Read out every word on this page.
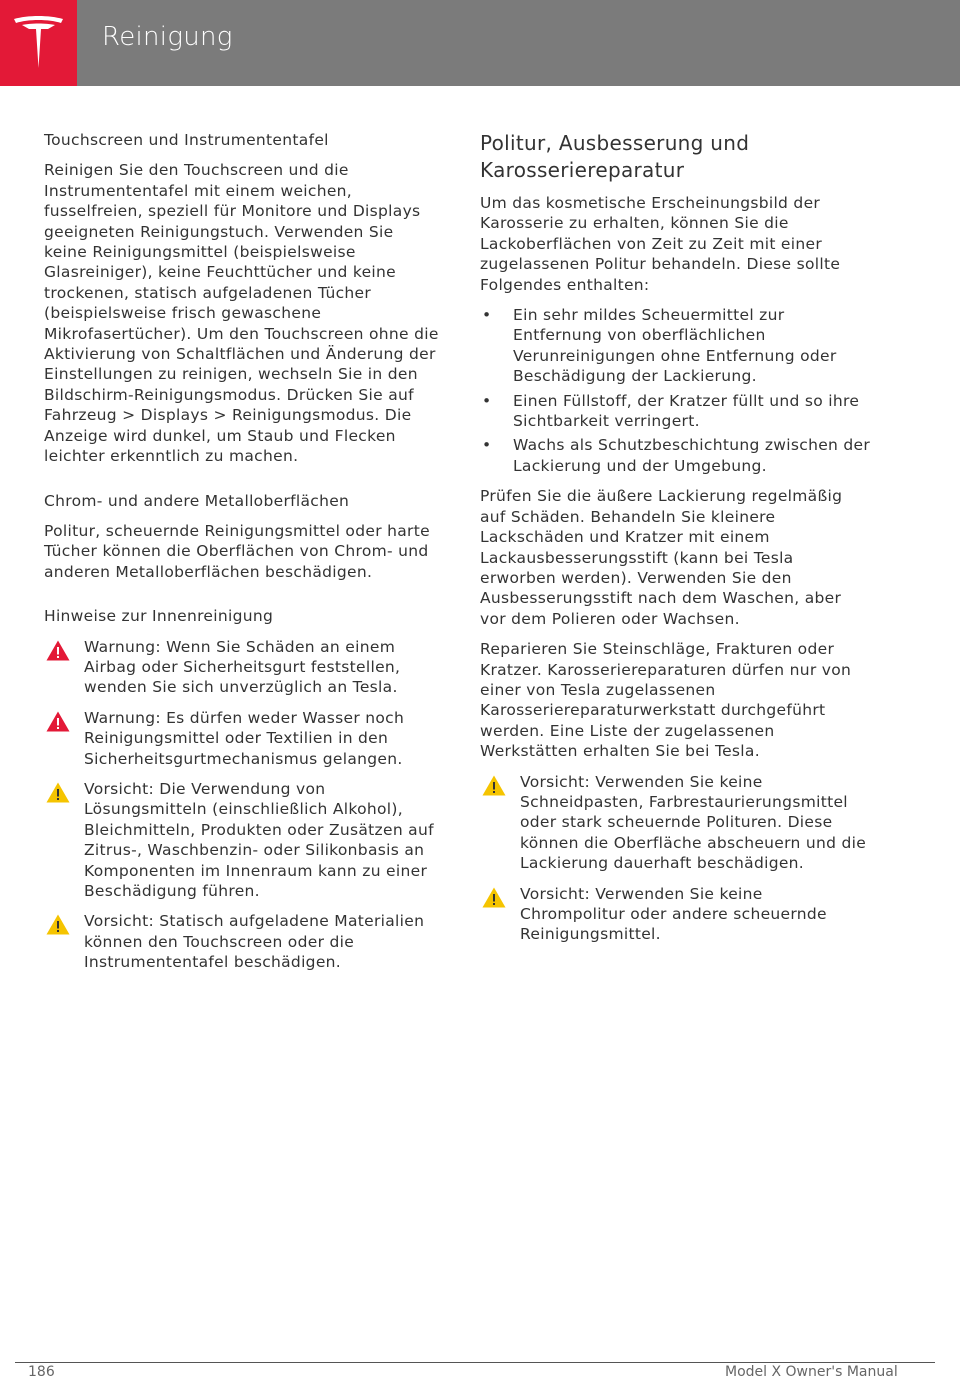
Reinigung

Touchscreen und Instrumententafel

Reinigen Sie den Touchscreen und die Instrumententafel mit einem weichen, fusselfreien, speziell für Monitore und Displays geeigneten Reinigungstuch. Verwenden Sie keine Reinigungsmittel (beispielsweise Glasreiniger), keine Feuchttücher und keine trockenen, statisch aufgeladenen Tücher (beispielsweise frisch gewaschene Mikrofasertücher). Um den Touchscreen ohne die Aktivierung von Schaltflächen und Änderung der Einstellungen zu reinigen, wechseln Sie in den Bildschirm-Reinigungsmodus. Drücken Sie auf Fahrzeug > Displays > Reinigungsmodus. Die Anzeige wird dunkel, um Staub und Flecken leichter erkenntlich zu machen.

Chrom- und andere Metalloberflächen

Politur, scheuernde Reinigungsmittel oder harte Tücher können die Oberflächen von Chrom- und anderen Metalloberflächen beschädigen.

Hinweise zur Innenreinigung

Warnung: Wenn Sie Schäden an einem Airbag oder Sicherheitsgurt feststellen, wenden Sie sich unverzüglich an Tesla.
Warnung: Es dürfen weder Wasser noch Reinigungsmittel oder Textilien in den Sicherheitsgurtmechanismus gelangen.
Vorsicht: Die Verwendung von Lösungsmitteln (einschließlich Alkohol), Bleichmitteln, Produkten oder Zusätzen auf Zitrus-, Waschbenzin- oder Silikonbasis an Komponenten im Innenraum kann zu einer Beschädigung führen.
Vorsicht: Statisch aufgeladene Materialien können den Touchscreen oder die Instrumententafel beschädigen.
Politur, Ausbesserung und Karosseriereparatur

Um das kosmetische Erscheinungsbild der Karosserie zu erhalten, können Sie die Lackoberflächen von Zeit zu Zeit mit einer zugelassenen Politur behandeln. Diese sollte Folgendes enthalten:

• Ein sehr mildes Scheuermittel zur Entfernung von oberflächlichen Verunreinigungen ohne Entfernung oder Beschädigung der Lackierung.
• Einen Füllstoff, der Kratzer füllt und so ihre Sichtbarkeit verringert.
• Wachs als Schutzbeschichtung zwischen der Lackierung und der Umgebung.

Prüfen Sie die äußere Lackierung regelmäßig auf Schäden. Behandeln Sie kleinere Lackschäden und Kratzer mit einem Lackausbesserungsstift (kann bei Tesla erworben werden). Verwenden Sie den Ausbesserungsstift nach dem Waschen, aber vor dem Polieren oder Wachsen.

Reparieren Sie Steinschläge, Frakturen oder Kratzer. Karosseriereparaturen dürfen nur von einer von Tesla zugelassenen Karosseriereparaturwerkstatt durchgeführt werden. Eine Liste der zugelassenen Werkstätten erhalten Sie bei Tesla.

Vorsicht: Verwenden Sie keine Schneidpasten, Farbrestaurierungsmittel oder stark scheuernde Polituren. Diese können die Oberfläche abscheuern und die Lackierung dauerhaft beschädigen.
Vorsicht: Verwenden Sie keine Chrompolitur oder andere scheuernde Reinigungsmittel.
186	Model X Owner's Manual
